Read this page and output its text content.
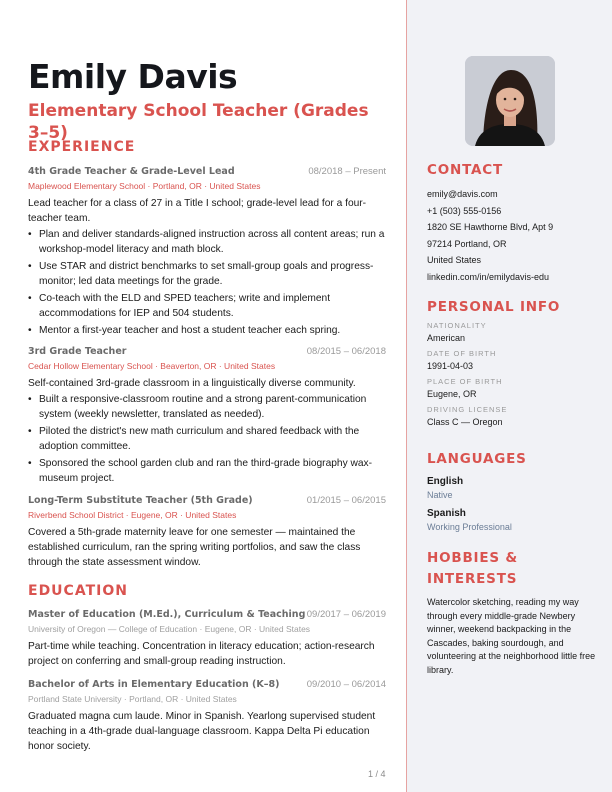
Emily Davis
Elementary School Teacher (Grades 3–5)
EXPERIENCE
4th Grade Teacher & Grade-Level Lead	08/2018 – Present
Maplewood Elementary School · Portland, OR · United States
Lead teacher for a class of 27 in a Title I school; grade-level lead for a four-teacher team.
• Plan and deliver standards-aligned instruction across all content areas; run a workshop-model literacy and math block.
• Use STAR and district benchmarks to set small-group goals and progress-monitor; led data meetings for the grade.
• Co-teach with the ELD and SPED teachers; write and implement accommodations for IEP and 504 students.
• Mentor a first-year teacher and host a student teacher each spring.
3rd Grade Teacher	08/2015 – 06/2018
Cedar Hollow Elementary School · Beaverton, OR · United States
Self-contained 3rd-grade classroom in a linguistically diverse community.
• Built a responsive-classroom routine and a strong parent-communication system (weekly newsletter, translated as needed).
• Piloted the district's new math curriculum and shared feedback with the adoption committee.
• Sponsored the school garden club and ran the third-grade biography wax-museum project.
Long-Term Substitute Teacher (5th Grade)	01/2015 – 06/2015
Riverbend School District · Eugene, OR · United States
Covered a 5th-grade maternity leave for one semester — maintained the established curriculum, ran the spring writing portfolios, and saw the class through the state assessment window.
EDUCATION
Master of Education (M.Ed.), Curriculum & Teaching 09/2017 – 06/2019
University of Oregon — College of Education · Eugene, OR · United States
Part-time while teaching. Concentration in literacy education; action-research project on conferring and small-group reading instruction.
Bachelor of Arts in Elementary Education (K–8)	09/2010 – 06/2014
Portland State University · Portland, OR · United States
Graduated magna cum laude. Minor in Spanish. Yearlong supervised student teaching in a 4th-grade dual-language classroom. Kappa Delta Pi education honor society.
1 / 4
CONTACT
emily@davis.com
+1 (503) 555-0156
1820 SE Hawthorne Blvd, Apt 9
97214 Portland, OR
United States
linkedin.com/in/emilydavis-edu
PERSONAL INFO
NATIONALITY
American
DATE OF BIRTH
1991-04-03
PLACE OF BIRTH
Eugene, OR
DRIVING LICENSE
Class C — Oregon
LANGUAGES
English
Native
Spanish
Working Professional
HOBBIES & INTERESTS
Watercolor sketching, reading my way through every middle-grade Newbery winner, weekend backpacking in the Cascades, baking sourdough, and volunteering at the neighborhood little free library.
